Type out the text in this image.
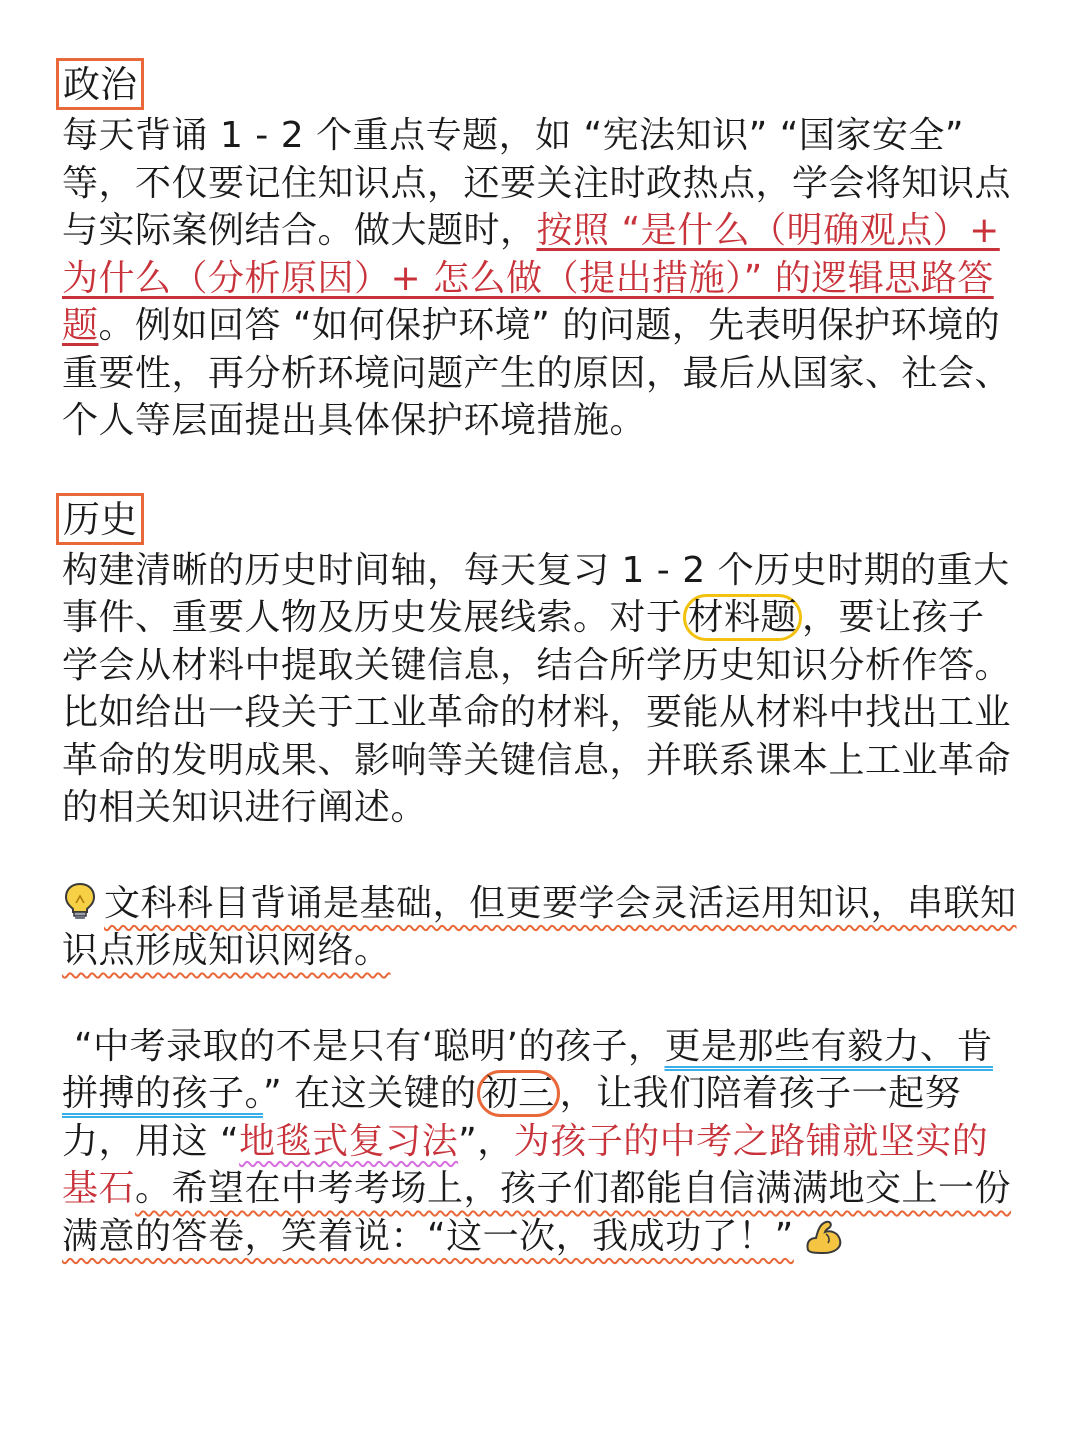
政治

每天背诵 1 - 2 个重点专题，如 “宪法知识” “国家安全” 等，不仅要记住知识点，还要关注时政热点，学会将知识点与实际案例结合。做大题时，按照 “是什么（明确观点）+ 为什么（分析原因）+ 怎么做（提出措施）” 的逻辑思路答题。例如回答 “如何保护环境” 的问题，先表明保护环境的重要性，再分析环境问题产生的原因，最后从国家、社会、个人等层面提出具体保护环境措施。

历史

构建清晰的历史时间轴，每天复习 1 - 2 个历史时期的重大事件、重要人物及历史发展线索。对于 材料题 ，要让孩子学会从材料中提取关键信息，结合所学历史知识分析作答。比如给出一段关于工业革命的材料，要能从材料中找出工业革命的发明成果、影响等关键信息，并联系课本上工业革命的相关知识进行阐述。

文科科目背诵是基础，但更要学会灵活运用知识，串联知识点形成知识网络。

“中考录取的不是只有‘聪明’的孩子，更是那些有毅力、肯拼搏的孩子。” 在这关键的 初三 ，让我们陪着孩子一起努力，用这 “地毯式复习法”，为孩子的中考之路铺就坚实的基石。希望在中考考场上，孩子们都能自信满满地交上一份满意的答卷，笑着说：“这一次，我成功了！”
